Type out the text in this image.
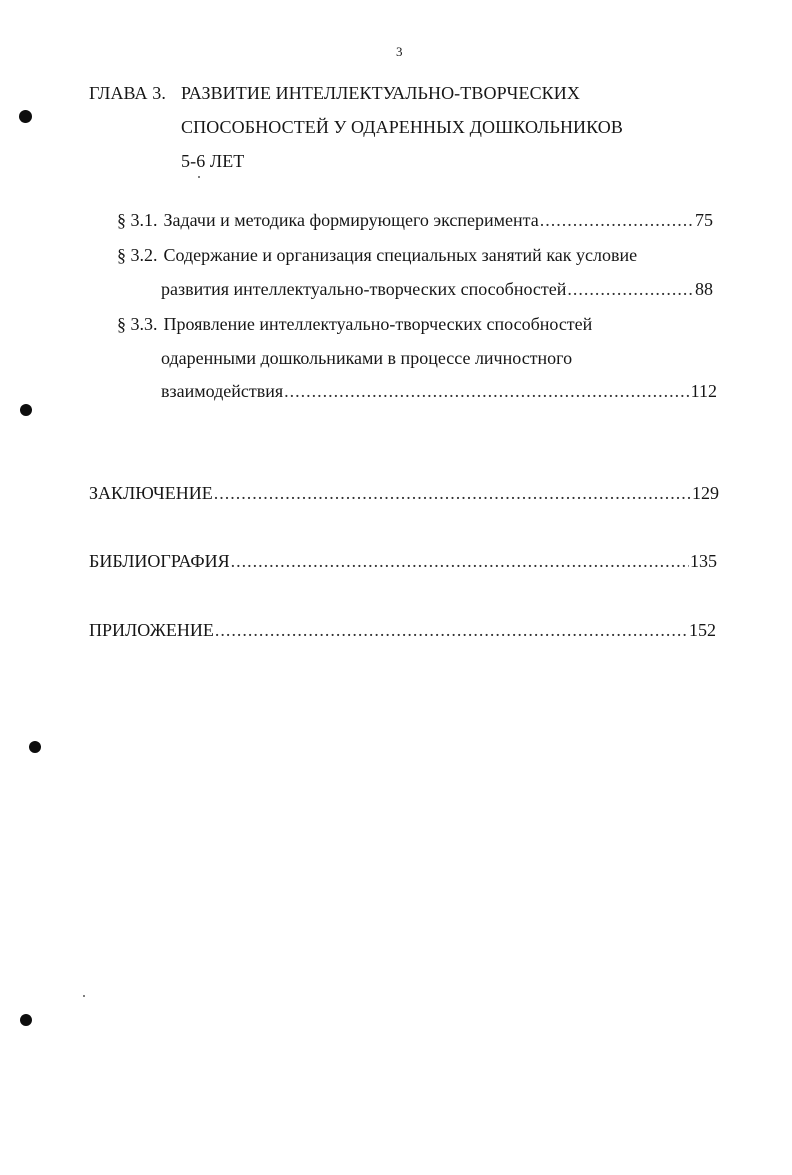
3
ГЛАВА 3. РАЗВИТИЕ ИНТЕЛЛЕКТУАЛЬНО-ТВОРЧЕСКИХ
СПОСОБНОСТЕЙ У ОДАРЕННЫХ ДОШКОЛЬНИКОВ
5-6 ЛЕТ
§ 3.1. Задачи и методика формирующего эксперимента .....	75
§ 3.2. Содержание и организация специальных занятий как условие
развития интеллектуально-творческих способностей .....	88
§ 3.3. Проявление интеллектуально-творческих способностей
одаренными дошкольниками в процессе личностного
взаимодействия .....	112
ЗАКЛЮЧЕНИЕ .....	129
БИБЛИОГРАФИЯ .....	135
ПРИЛОЖЕНИЕ .....	152
